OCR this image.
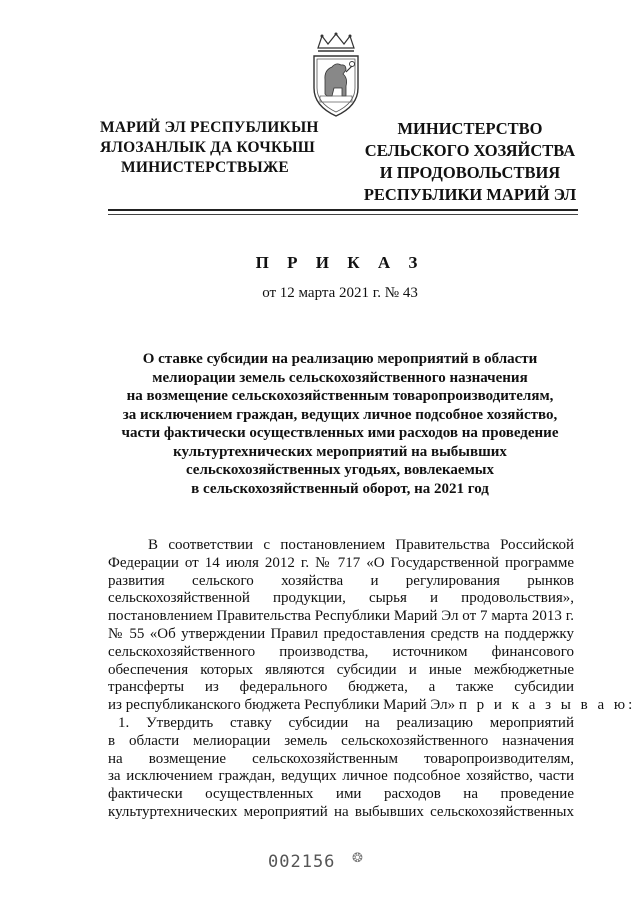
МАРИЙ ЭЛ РЕСПУБЛИКЫН
ЯЛОЗАНЛЫК ДА КОЧКЫШ
МИНИСТЕРСТВЫЖЕ
МИНИСТЕРСТВО
СЕЛЬСКОГО ХОЗЯЙСТВА
И ПРОДОВОЛЬСТВИЯ
РЕСПУБЛИКИ МАРИЙ ЭЛ
П Р И К А З
от 12 марта 2021 г. № 43
О ставке субсидии на реализацию мероприятий в области
мелиорации земель сельскохозяйственного назначения
на возмещение сельскохозяйственным товаропроизводителям,
за исключением граждан, ведущих личное подсобное хозяйство,
части фактически осуществленных ими расходов на проведение
культуртехнических мероприятий на выбывших
сельскохозяйственных угодьях, вовлекаемых
в сельскохозяйственный оборот, на 2021 год
В соответствии с постановлением Правительства Российской
Федерации от 14 июля 2012 г. № 717 «О Государственной программе
развития сельского хозяйства и регулирования рынков
сельскохозяйственной продукции, сырья и продовольствия»,
постановлением Правительства Республики Марий Эл от 7 марта 2013 г.
№ 55 «Об утверждении Правил предоставления средств на поддержку
сельскохозяйственного производства, источником финансового
обеспечения которых являются субсидии и иные межбюджетные
трансферты из федерального бюджета, а также субсидии
из республиканского бюджета Республики Марий Эл» п р и к а з ы в а ю:
1. Утвердить ставку субсидии на реализацию мероприятий
в области мелиорации земель сельскохозяйственного назначения
на возмещение сельскохозяйственным товаропроизводителям,
за исключением граждан, ведущих личное подсобное хозяйство, части
фактически осуществленных ими расходов на проведение
культуртехнических мероприятий на выбывших сельскохозяйственных
002156	❂
